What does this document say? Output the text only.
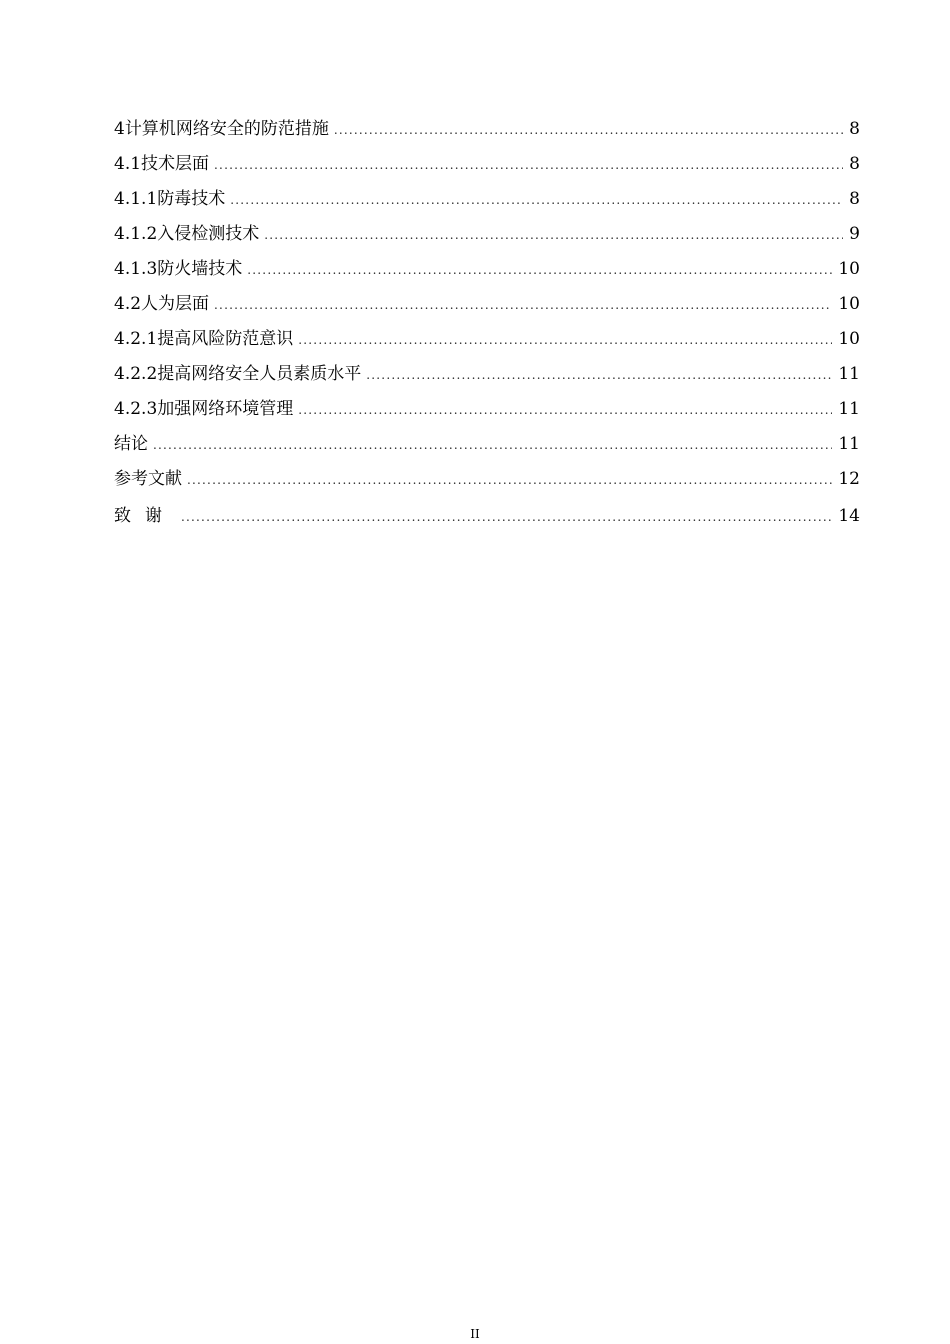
4 计算机网络安全的防范措施 .....	8
4.1 技术层面 .....	8
4.1.1 防毒技术 .....	8
4.1.2 入侵检测技术 .....	9
4.1.3 防火墙技术 .....	10
4.2 人为层面 .....	10
4.2.1 提高风险防范意识 .....	10
4.2.2 提高网络安全人员素质水平 .....	11
4.2.3 加强网络环境管理 .....	11
结论 .....	11
参考文献 .....	12
致谢 .....	14
II
